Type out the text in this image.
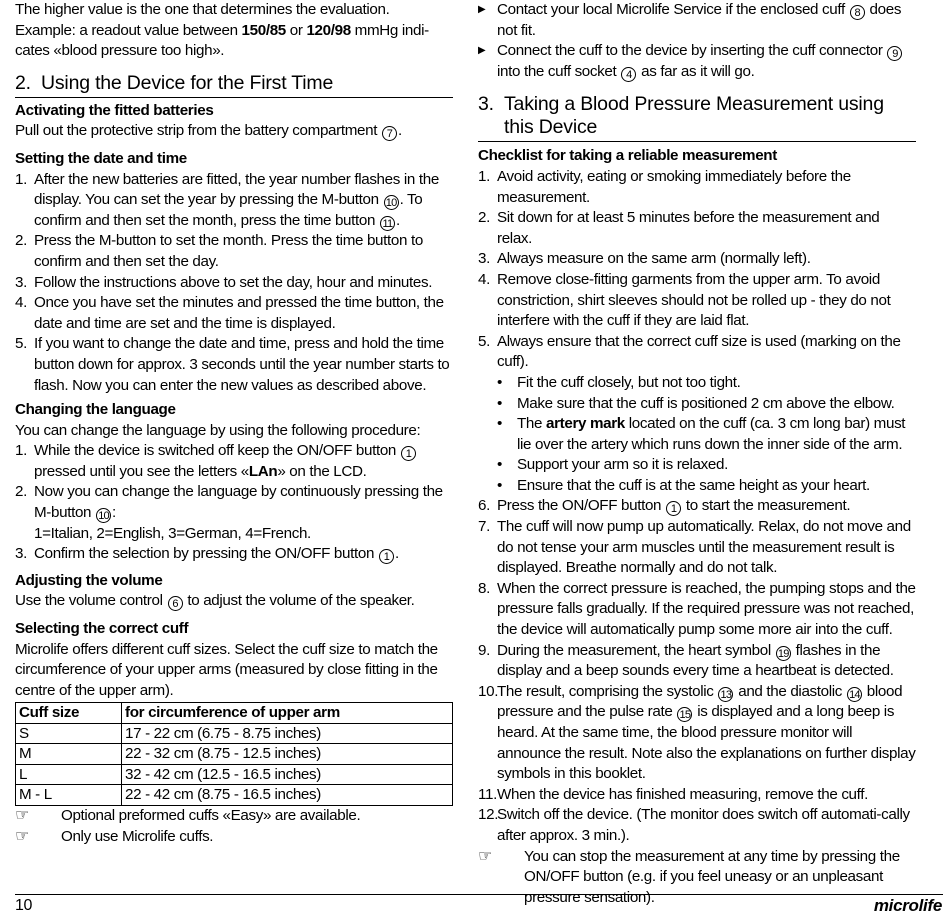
The higher value is the one that determines the evaluation.

Example: a readout value between 150/85 or 120/98 mmHg indi-

cates «blood pressure too high».

2. Using the Device for the First Time

Activating the fitted batteries

Pull out the protective strip from the battery compartment 7 .

Setting the date and time

1. After the new batteries are fitted, the year number flashes in the display. You can set the year by pressing the M-button 10 . To confirm and then set the month, press the time button 11 .
2. Press the M-button to set the month. Press the time button to confirm and then set the day.
3. Follow the instructions above to set the day, hour and minutes.
4. Once you have set the minutes and pressed the time button, the date and time are set and the time is displayed.
5. If you want to change the date and time, press and hold the time button down for approx. 3 seconds until the year number starts to flash. Now you can enter the new values as described above.

Changing the language

You can change the language by using the following procedure:

1. While the device is switched off keep the ON/OFF button 1 pressed until you see the letters «LAn» on the LCD.
2. Now you can change the language by continuously pressing the M-button 10 :
1=Italian, 2=English, 3=German, 4=French.
3. Confirm the selection by pressing the ON/OFF button 1 .

Adjusting the volume

Use the volume control 6 to adjust the volume of the speaker.

Selecting the correct cuff

Microlife offers different cuff sizes. Select the cuff size to match the circumference of your upper arms (measured by close fitting in the centre of the upper arm).

Cuff size	for circumference of upper arm
S	17 - 22 cm (6.75 - 8.75 inches)
M	22 - 32 cm (8.75 - 12.5 inches)
L	32 - 42 cm (12.5 - 16.5 inches)
M - L	22 - 42 cm (8.75 - 16.5 inches)
☞	Optional preformed cuffs «Easy» are available.
☞	Only use Microlife cuffs.
▶ Contact your local Microlife Service if the enclosed cuff 8 does not fit.
▶ Connect the cuff to the device by inserting the cuff connector 9 into the cuff socket 4 as far as it will go.
3. Taking a Blood Pressure Measurement using this Device

Checklist for taking a reliable measurement

1. Avoid activity, eating or smoking immediately before the measurement.
2. Sit down for at least 5 minutes before the measurement and relax.
3. Always measure on the same arm (normally left).
4. Remove close-fitting garments from the upper arm. To avoid constriction, shirt sleeves should not be rolled up - they do not interfere with the cuff if they are laid flat.
5. Always ensure that the correct cuff size is used (marking on the cuff).
• Fit the cuff closely, but not too tight.
• Make sure that the cuff is positioned 2 cm above the elbow.
• The artery mark located on the cuff (ca. 3 cm long bar) must lie over the artery which runs down the inner side of the arm.
• Support your arm so it is relaxed.
• Ensure that the cuff is at the same height as your heart.
6. Press the ON/OFF button 1 to start the measurement.
7. The cuff will now pump up automatically. Relax, do not move and do not tense your arm muscles until the measurement result is displayed. Breathe normally and do not talk.
8. When the correct pressure is reached, the pumping stops and the pressure falls gradually. If the required pressure was not reached, the device will automatically pump some more air into the cuff.
9. During the measurement, the heart symbol 19 flashes in the display and a beep sounds every time a heartbeat is detected.
10.
The result, comprising the systolic 13 and the diastolic 14 blood pressure and the pulse rate 15 is displayed and a long beep is heard. At the same time, the blood pressure monitor will announce the result. Note also the explanations on further display symbols in this booklet.
11. When the device has finished measuring, remove the cuff.
12.
Switch off the device. (The monitor does switch off automati-cally after approx. 3 min.).
☞	You can stop the measurement at any time by pressing the ON/OFF button (e.g. if you feel uneasy or an unpleasant pressure sensation).
10	microlife
